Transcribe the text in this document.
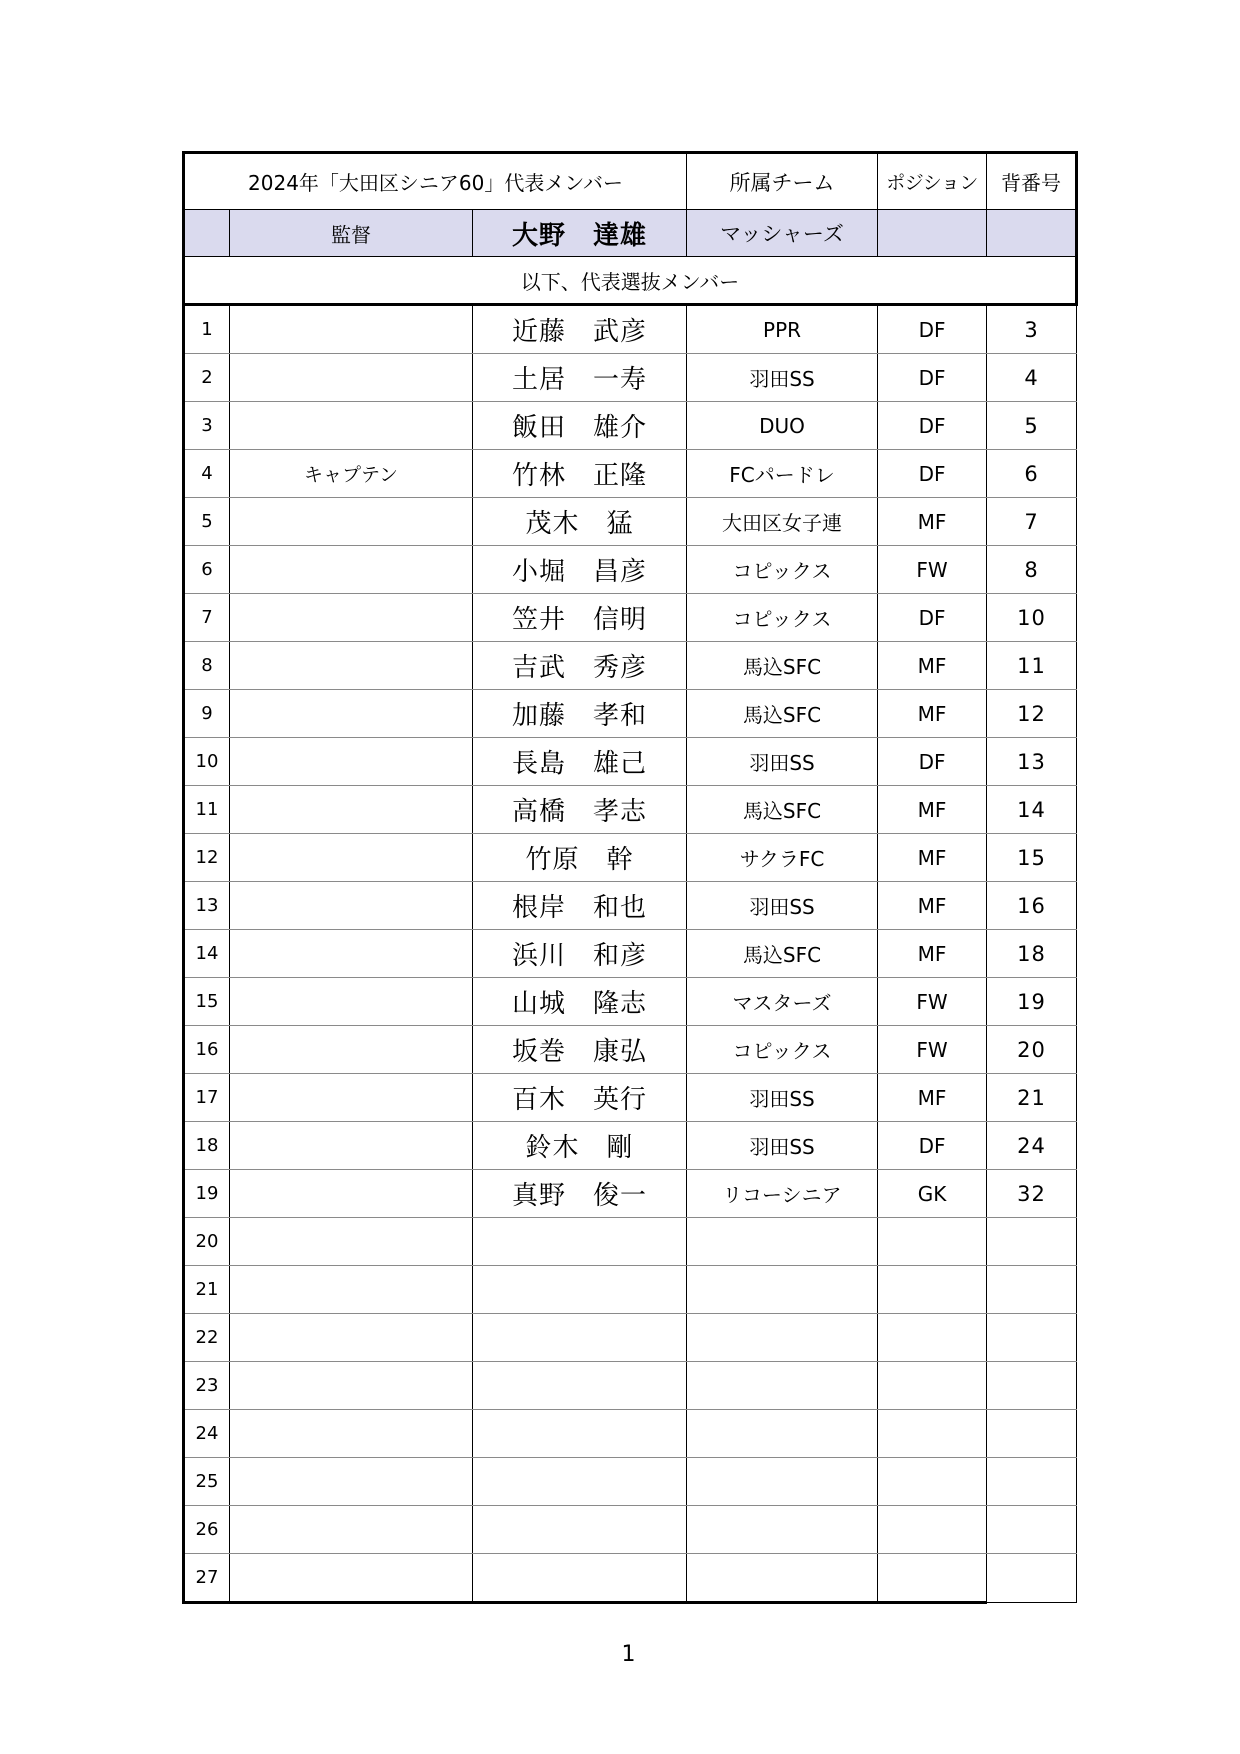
2024年「大田区シニア60」代表メンバー			所属チーム	ポジション	背番号
	監督	大野　達雄	マッシャーズ		
以下、代表選抜メンバー					
1		近藤　武彦	PPR	DF	3
2		土居　一寿	羽田SS	DF	4
3		飯田　雄介	DUO	DF	5
4	キャプテン	竹林　正隆	FCパードレ	DF	6
5		茂木　猛	大田区女子連	MF	7
6		小堀　昌彦	コピックス	FW	8
7		笠井　信明	コピックス	DF	10
8		吉武　秀彦	馬込SFC	MF	11
9		加藤　孝和	馬込SFC	MF	12
10		長島　雄己	羽田SS	DF	13
11		高橋　孝志	馬込SFC	MF	14
12		竹原　幹	サクラFC	MF	15
13		根岸　和也	羽田SS	MF	16
14		浜川　和彦	馬込SFC	MF	18
15		山城　隆志	マスターズ	FW	19
16		坂巻　康弘	コピックス	FW	20
17		百木　英行	羽田SS	MF	21
18		鈴木　剛	羽田SS	DF	24
19		真野　俊一	リコーシニア	GK	32
20					
21					
22					
23					
24					
25					
26					
27					
1
